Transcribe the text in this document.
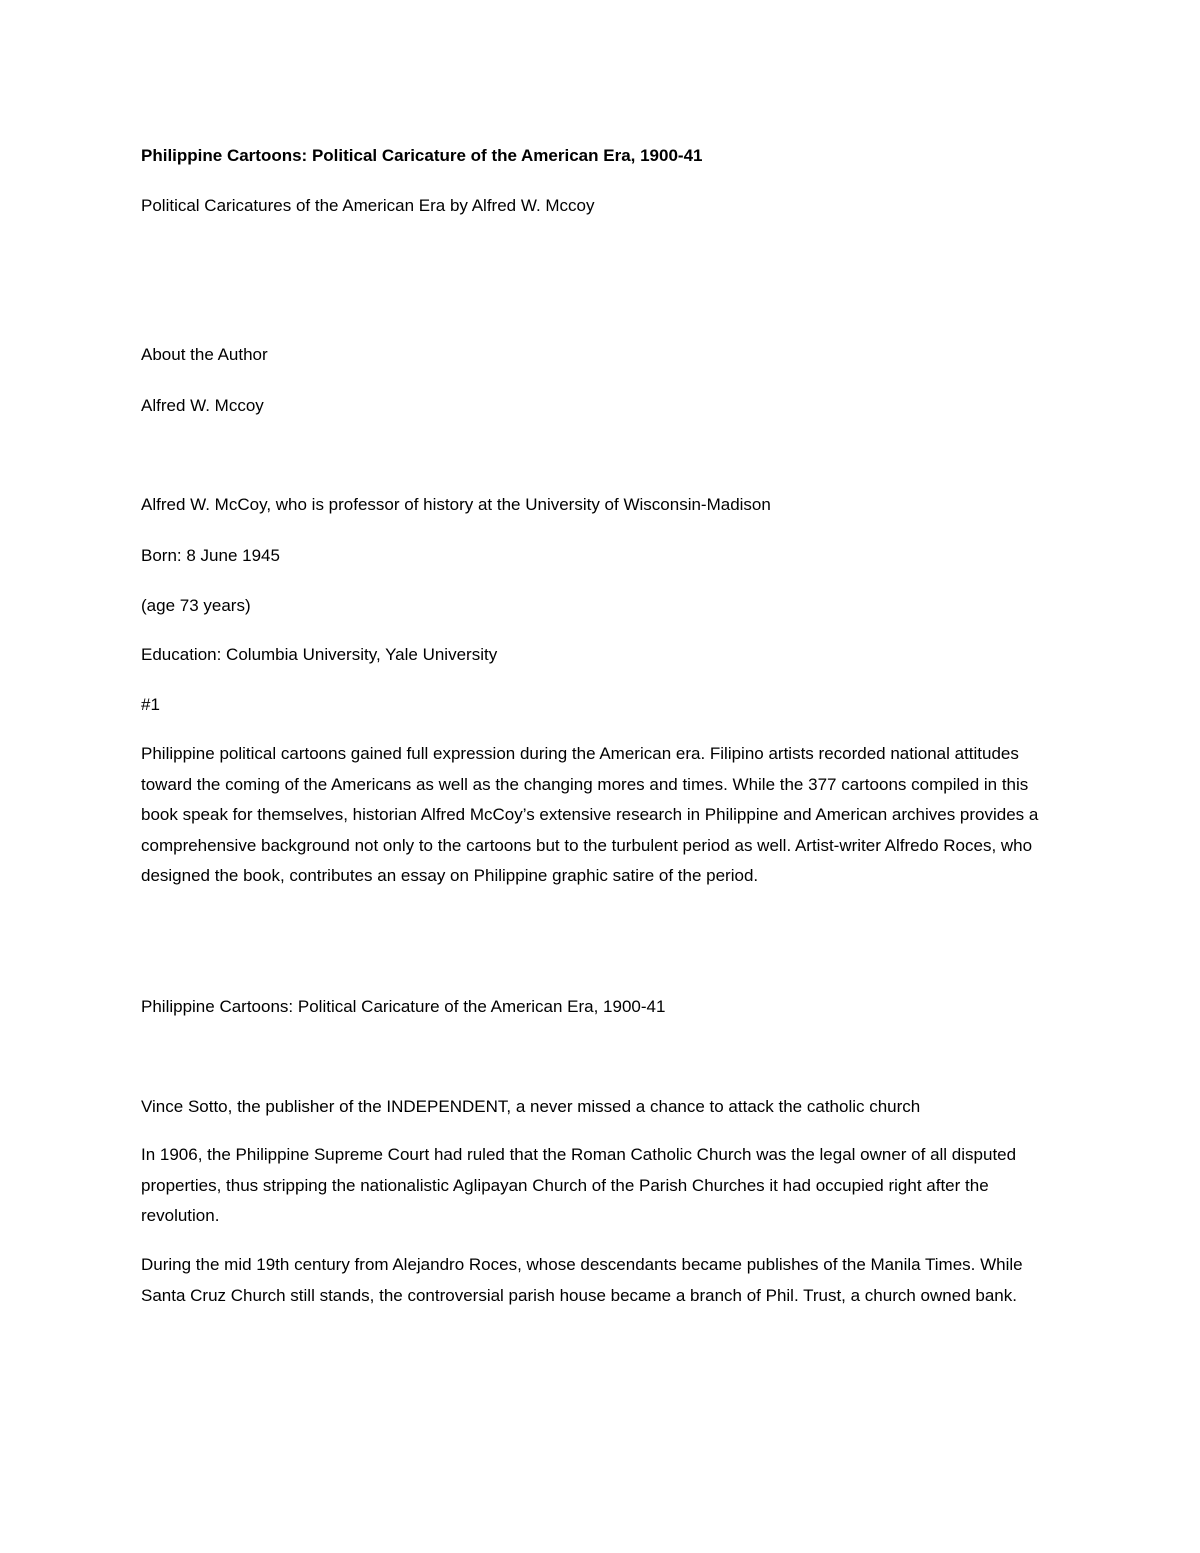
Philippine Cartoons: Political Caricature of the American Era, 1900-41

Political Caricatures of the American Era by Alfred W. Mccoy

About the Author

Alfred W. Mccoy

Alfred W. McCoy, who is professor of history at the University of Wisconsin-Madison

Born: 8 June 1945

(age 73 years)

Education: Columbia University, Yale University

#1

Philippine political cartoons gained full expression during the American era. Filipino artists recorded national attitudes toward the coming of the Americans as well as the changing mores and times. While the 377 cartoons compiled in this book speak for themselves, historian Alfred McCoy’s extensive research in Philippine and American archives provides a comprehensive background not only to the cartoons but to the turbulent period as well. Artist-writer Alfredo Roces, who designed the book, contributes an essay on Philippine graphic satire of the period.

Philippine Cartoons: Political Caricature of the American Era, 1900-41

Vince Sotto, the publisher of the INDEPENDENT, a never missed a chance to attack the catholic church

In 1906, the Philippine Supreme Court had ruled that the Roman Catholic Church was the legal owner of all disputed properties, thus stripping the nationalistic Aglipayan Church of the Parish Churches it had occupied right after the revolution.

During the mid 19th century from Alejandro Roces, whose descendants became publishes of the Manila Times. While Santa Cruz Church still stands, the controversial parish house became a branch of Phil. Trust, a church owned bank.
